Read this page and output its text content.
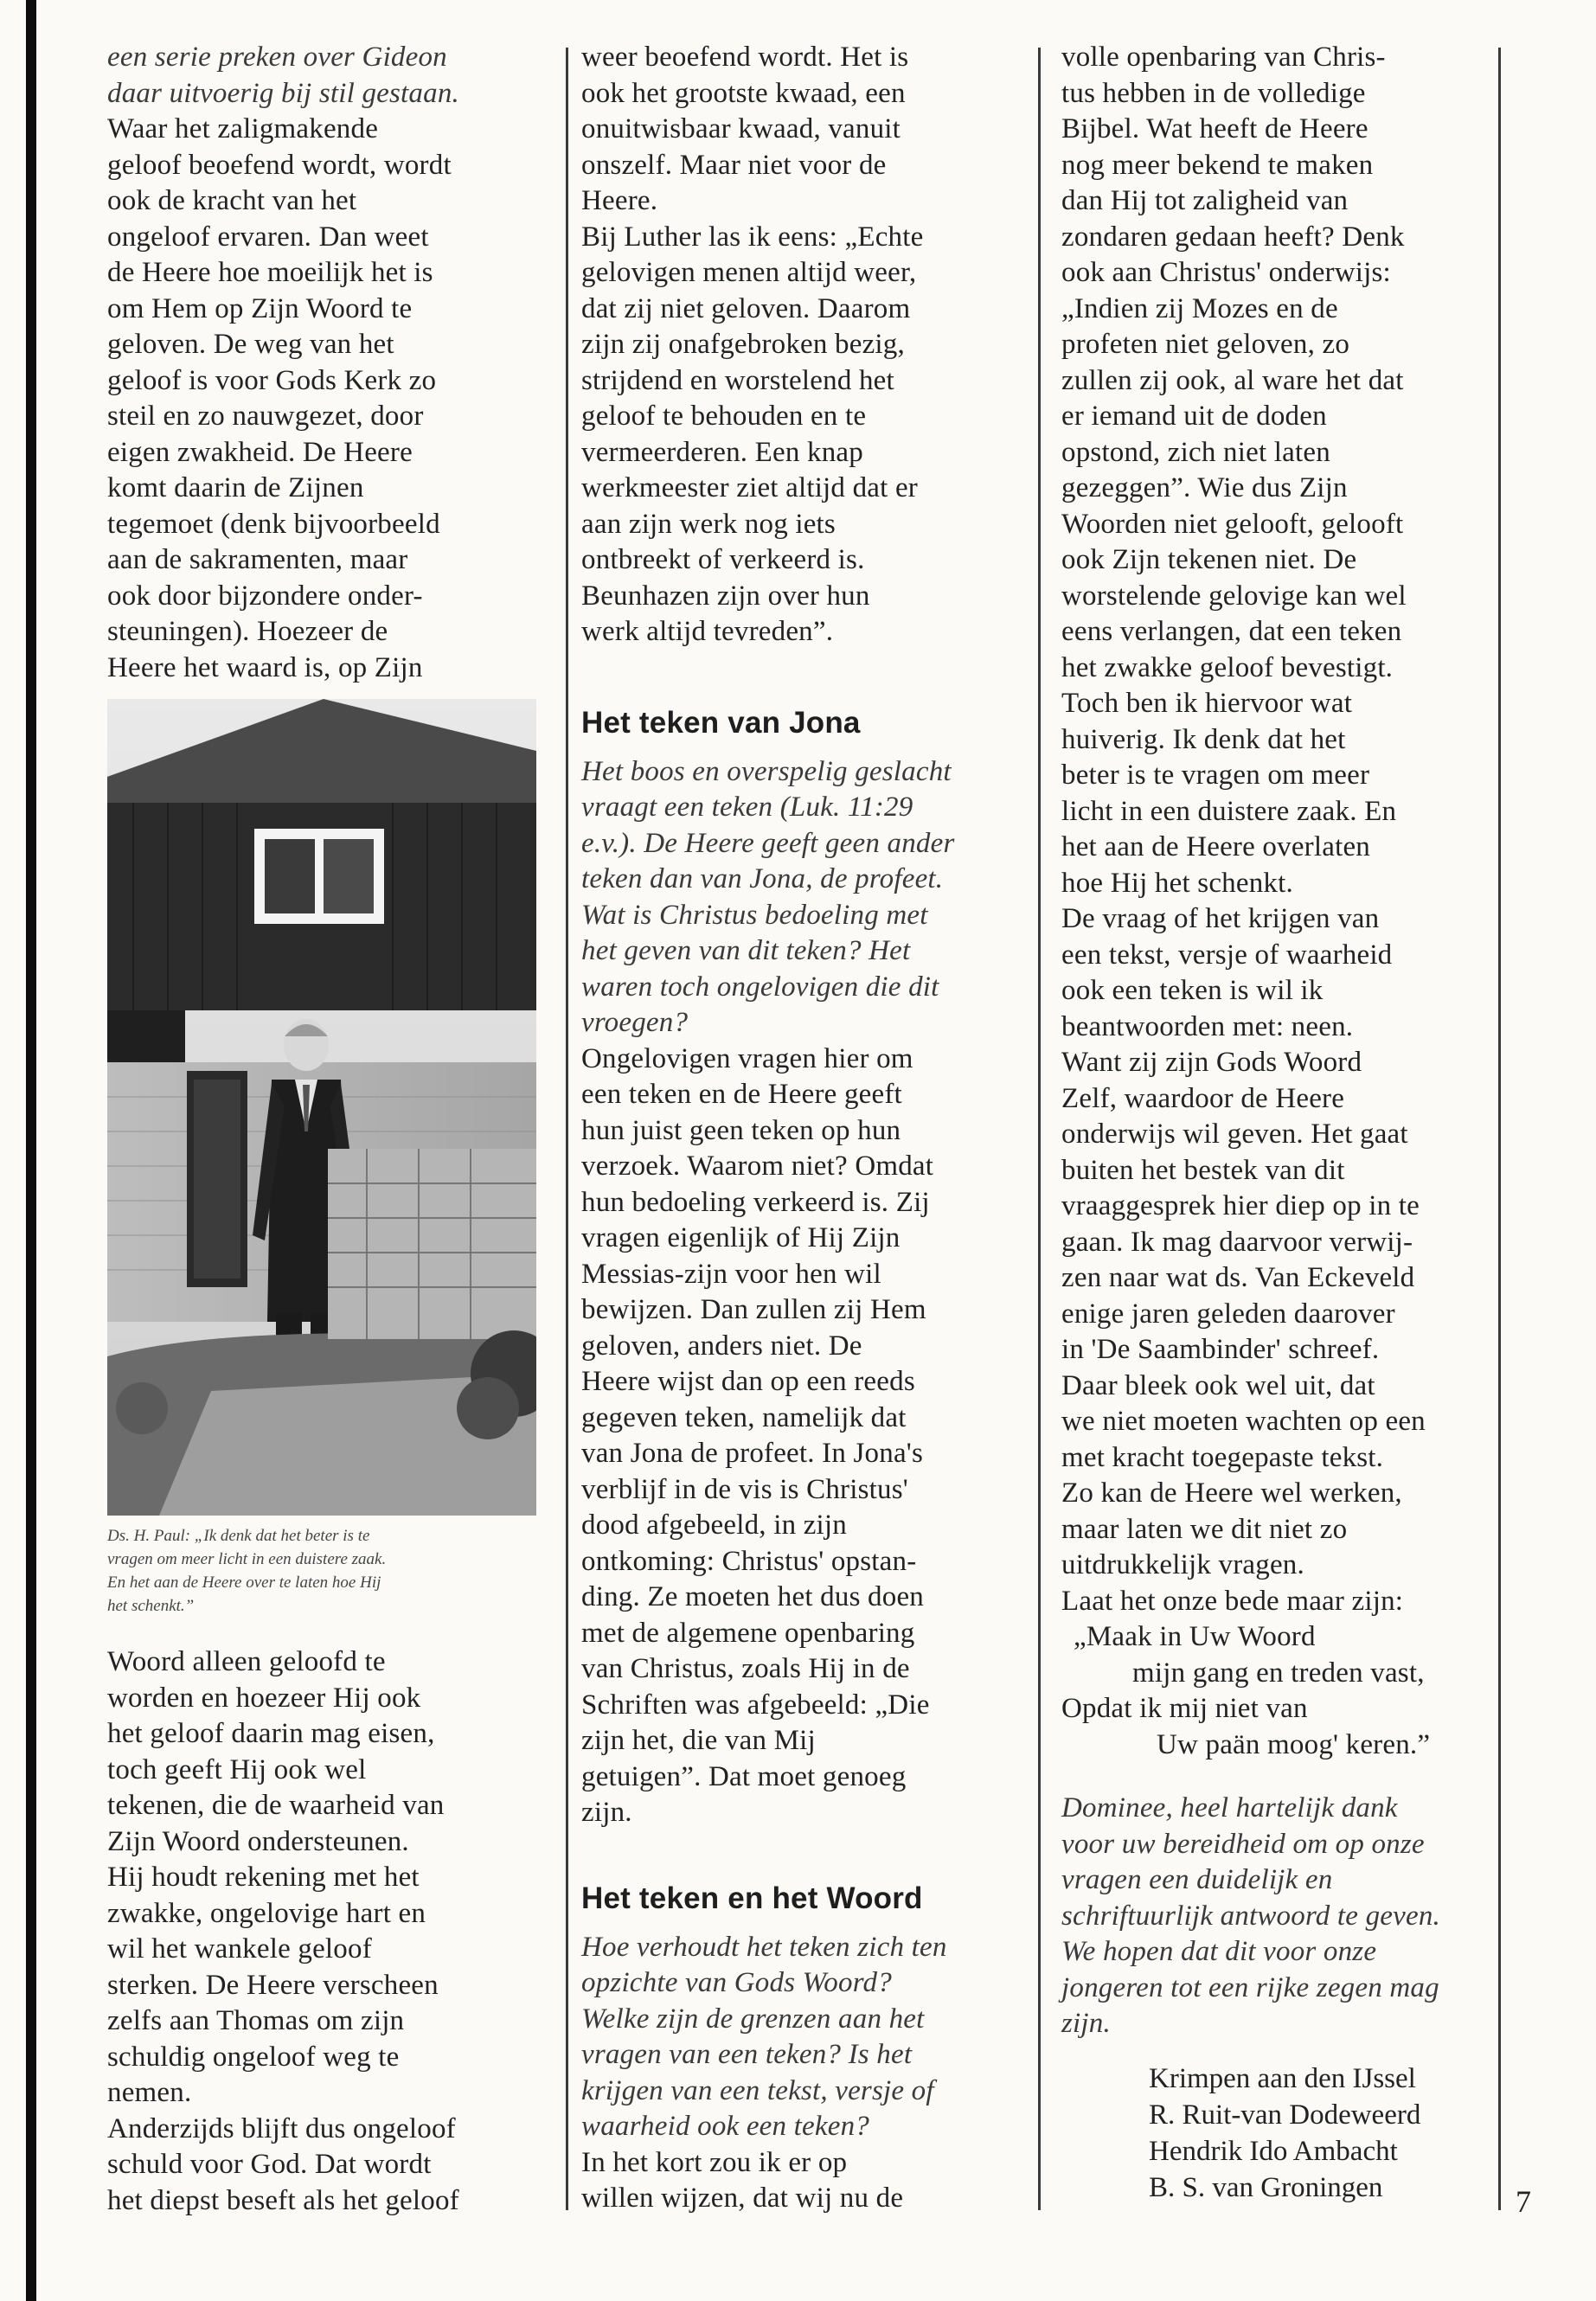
een serie preken over Gideon

daar uitvoerig bij stil gestaan.

Waar het zaligmakende

geloof beoefend wordt, wordt

ook de kracht van het

ongeloof ervaren. Dan weet

de Heere hoe moeilijk het is

om Hem op Zijn Woord te

geloven. De weg van het

geloof is voor Gods Kerk zo

steil en zo nauwgezet, door

eigen zwakheid. De Heere

komt daarin de Zijnen

tegemoet (denk bijvoorbeeld

aan de sakramenten, maar

ook door bijzondere onder-

steuningen). Hoezeer de

Heere het waard is, op Zijn

Ds. H. Paul: „Ik denk dat het beter is te
vragen om meer licht in een duistere zaak.
En het aan de Heere over te laten hoe Hij
het schenkt.”

Woord alleen geloofd te

worden en hoezeer Hij ook

het geloof daarin mag eisen,

toch geeft Hij ook wel

tekenen, die de waarheid van

Zijn Woord ondersteunen.

Hij houdt rekening met het

zwakke, ongelovige hart en

wil het wankele geloof

sterken. De Heere verscheen

zelfs aan Thomas om zijn

schuldig ongeloof weg te

nemen.

Anderzijds blijft dus ongeloof

schuld voor God. Dat wordt

het diepst beseft als het geloof

weer beoefend wordt. Het is

ook het grootste kwaad, een

onuitwisbaar kwaad, vanuit

onszelf. Maar niet voor de

Heere.

Bij Luther las ik eens: „Echte

gelovigen menen altijd weer,

dat zij niet geloven. Daarom

zijn zij onafgebroken bezig,

strijdend en worstelend het

geloof te behouden en te

vermeerderen. Een knap

werkmeester ziet altijd dat er

aan zijn werk nog iets

ontbreekt of verkeerd is.

Beunhazen zijn over hun

werk altijd tevreden”.

Het teken van Jona

Het boos en overspelig geslacht

vraagt een teken (Luk. 11:29

e.v.). De Heere geeft geen ander

teken dan van Jona, de profeet.

Wat is Christus bedoeling met

het geven van dit teken? Het

waren toch ongelovigen die dit

vroegen?

Ongelovigen vragen hier om

een teken en de Heere geeft

hun juist geen teken op hun

verzoek. Waarom niet? Omdat

hun bedoeling verkeerd is. Zij

vragen eigenlijk of Hij Zijn

Messias-zijn voor hen wil

bewijzen. Dan zullen zij Hem

geloven, anders niet. De

Heere wijst dan op een reeds

gegeven teken, namelijk dat

van Jona de profeet. In Jona's

verblijf in de vis is Christus'

dood afgebeeld, in zijn

ontkoming: Christus' opstan-

ding. Ze moeten het dus doen

met de algemene openbaring

van Christus, zoals Hij in de

Schriften was afgebeeld: „Die

zijn het, die van Mij

getuigen”. Dat moet genoeg

zijn.

Het teken en het Woord

Hoe verhoudt het teken zich ten

opzichte van Gods Woord?

Welke zijn de grenzen aan het

vragen van een teken? Is het

krijgen van een tekst, versje of

waarheid ook een teken?

In het kort zou ik er op

willen wijzen, dat wij nu de

volle openbaring van Chris-

tus hebben in de volledige

Bijbel. Wat heeft de Heere

nog meer bekend te maken

dan Hij tot zaligheid van

zondaren gedaan heeft? Denk

ook aan Christus' onderwijs:

„Indien zij Mozes en de

profeten niet geloven, zo

zullen zij ook, al ware het dat

er iemand uit de doden

opstond, zich niet laten

gezeggen”. Wie dus Zijn

Woorden niet gelooft, gelooft

ook Zijn tekenen niet. De

worstelende gelovige kan wel

eens verlangen, dat een teken

het zwakke geloof bevestigt.

Toch ben ik hiervoor wat

huiverig. Ik denk dat het

beter is te vragen om meer

licht in een duistere zaak. En

het aan de Heere overlaten

hoe Hij het schenkt.

De vraag of het krijgen van

een tekst, versje of waarheid

ook een teken is wil ik

beantwoorden met: neen.

Want zij zijn Gods Woord

Zelf, waardoor de Heere

onderwijs wil geven. Het gaat

buiten het bestek van dit

vraaggesprek hier diep op in te

gaan. Ik mag daarvoor verwij-

zen naar wat ds. Van Eckeveld

enige jaren geleden daarover

in 'De Saambinder' schreef.

Daar bleek ook wel uit, dat

we niet moeten wachten op een

met kracht toegepaste tekst.

Zo kan de Heere wel werken,

maar laten we dit niet zo

uitdrukkelijk vragen.

Laat het onze bede maar zijn:

„Maak in Uw Woord

mijn gang en treden vast,

Opdat ik mij niet van

Uw paän moog' keren.”

Dominee, heel hartelijk dank

voor uw bereidheid om op onze

vragen een duidelijk en

schriftuurlijk antwoord te geven.

We hopen dat dit voor onze

jongeren tot een rijke zegen mag

zijn.

Krimpen aan den IJssel
R. Ruit-van Dodeweerd
Hendrik Ido Ambacht
B. S. van Groningen	7
